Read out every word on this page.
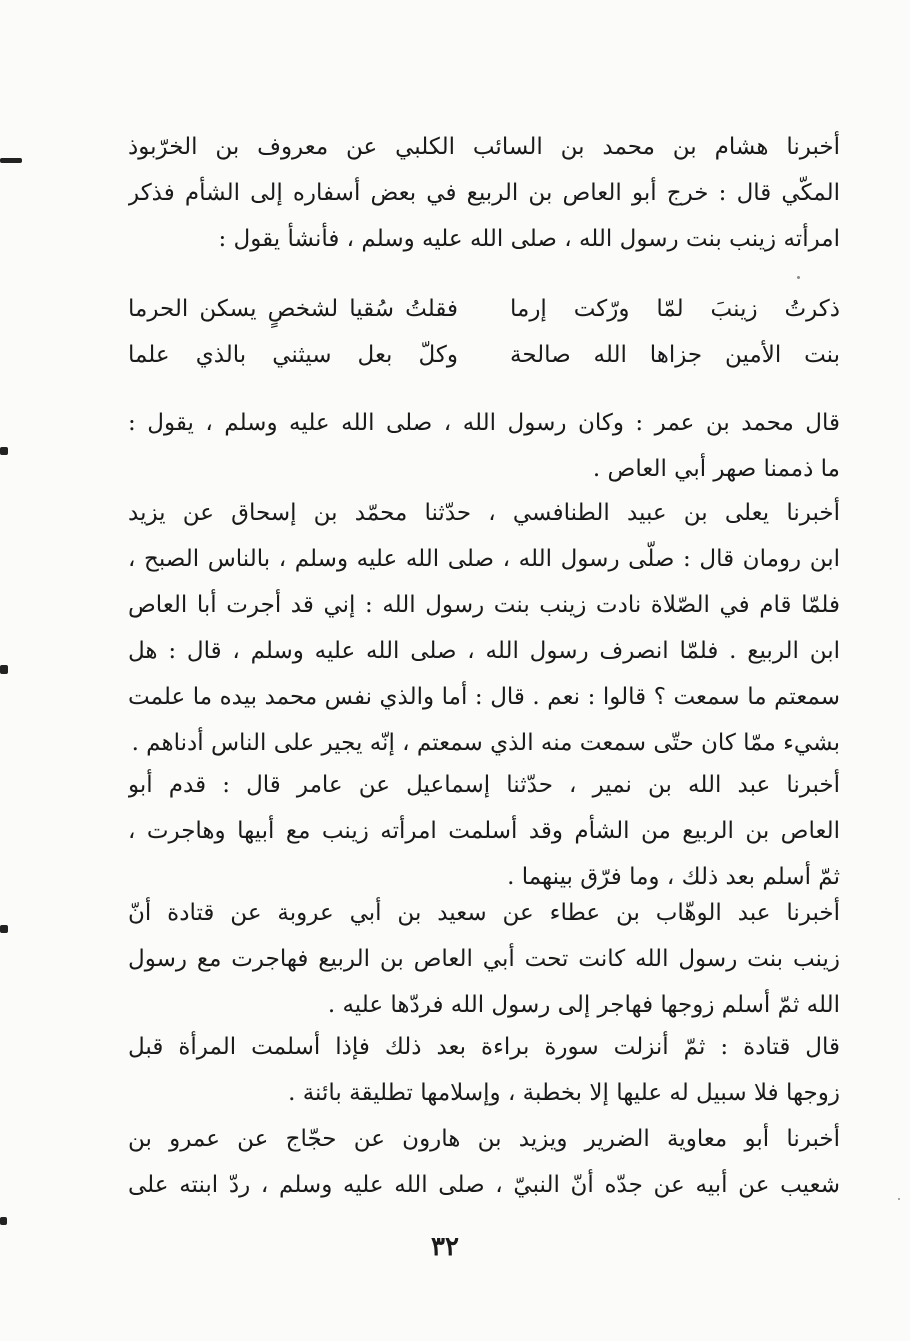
أخبرنا هشام بن محمد بن السائب الكلبي عن معروف بن الخرّبوذ
المكّي قال : خرج أبو العاص بن الربيع في بعض أسفاره إلى الشأم فذكر
امرأته زينب بنت رسول الله ، صلى الله عليه وسلم ، فأنشأ يقول :
ذكرتُ زينبَ لمّا ورّكت إرما
فقلتُ سُقيا لشخصٍ يسكن الحرما
بنت الأمين جزاها الله صالحة
وكلّ بعل سيثني بالذي علما
قال محمد بن عمر : وكان رسول الله ، صلى الله عليه وسلم ، يقول :
ما ذممنا صهر أبي العاص .
أخبرنا يعلى بن عبيد الطنافسي ، حدّثنا محمّد بن إسحاق عن يزيد
ابن رومان قال : صلّى رسول الله ، صلى الله عليه وسلم ، بالناس الصبح ،
فلمّا قام في الصّلاة نادت زينب بنت رسول الله : إني قد أجرت أبا العاص
ابن الربيع . فلمّا انصرف رسول الله ، صلى الله عليه وسلم ، قال : هل
سمعتم ما سمعت ؟ قالوا : نعم . قال : أما والذي نفس محمد بيده ما علمت
بشيء ممّا كان حتّى سمعت منه الذي سمعتم ، إنّه يجير على الناس أدناهم .
أخبرنا عبد الله بن نمير ، حدّثنا إسماعيل عن عامر قال : قدم أبو
العاص بن الربيع من الشأم وقد أسلمت امرأته زينب مع أبيها وهاجرت ،
ثمّ أسلم بعد ذلك ، وما فرّق بينهما .
أخبرنا عبد الوهّاب بن عطاء عن سعيد بن أبي عروبة عن قتادة أنّ
زينب بنت رسول الله كانت تحت أبي العاص بن الربيع فهاجرت مع رسول
الله ثمّ أسلم زوجها فهاجر إلى رسول الله فردّها عليه .
قال قتادة : ثمّ أنزلت سورة براءة بعد ذلك فإذا أسلمت المرأة قبل
زوجها فلا سبيل له عليها إلا بخطبة ، وإسلامها تطليقة بائنة .
أخبرنا أبو معاوية الضرير ويزيد بن هارون عن حجّاج عن عمرو بن
شعيب عن أبيه عن جدّه أنّ النبيّ ، صلى الله عليه وسلم ، ردّ ابنته على
٣٢
